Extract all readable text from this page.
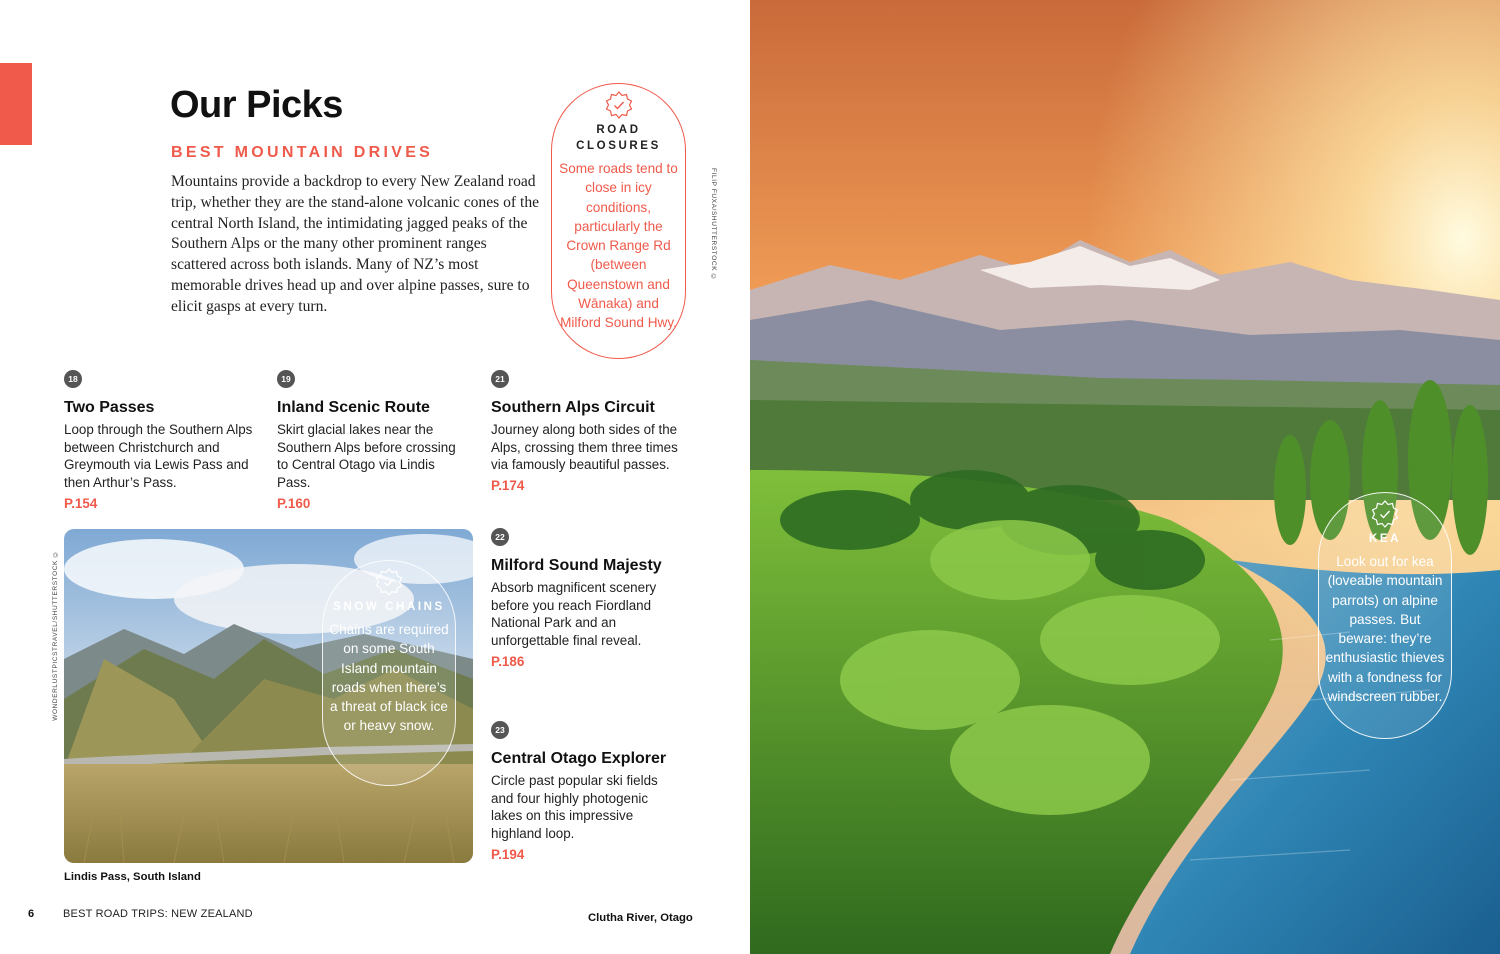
Our Picks
BEST MOUNTAIN DRIVES

Mountains provide a backdrop to every New Zealand road trip, whether they are the stand-alone volcanic cones of the central North Island, the intimidating jagged peaks of the Southern Alps or the many other prominent ranges scattered across both islands. Many of NZ’s most memorable drives head up and over alpine passes, sure to elicit gasps at every turn.

ROAD
CLOSURES
Some roads tend to close in icy conditions, particularly the Crown Range Rd (between Queenstown and Wānaka) and Milford Sound Hwy.
FILIP FUXA/SHUTTERSTOCK ©
18
Two Passes
Loop through the Southern Alps between Christchurch and Greymouth via Lewis Pass and then Arthur’s Pass.
P.154
19
Inland Scenic Route
Skirt glacial lakes near the Southern Alps before crossing to Central Otago via Lindis Pass.
P.160
21
Southern Alps Circuit
Journey along both sides of the Alps, crossing them three times via famously beautiful passes.
P.174
22
Milford Sound Majesty
Absorb magnificent scenery before you reach Fiordland National Park and an unforgettable final reveal.
P.186
23
Central Otago Explorer
Circle past popular ski fields and four highly photogenic lakes on this impressive highland loop.
P.194
WONDERLUSTPICSTRAVEL/SHUTTERSTOCK ©	SNOW CHAINS
Chains are required on some South Island mountain roads when there’s a threat of black ice or heavy snow.
Lindis Pass, South Island
Clutha River, Otago
6	BEST ROAD TRIPS: NEW ZEALAND
KEA
Look out for kea (loveable mountain parrots) on alpine passes. But beware: they’re enthusiastic thieves with a fondness for windscreen rubber.
